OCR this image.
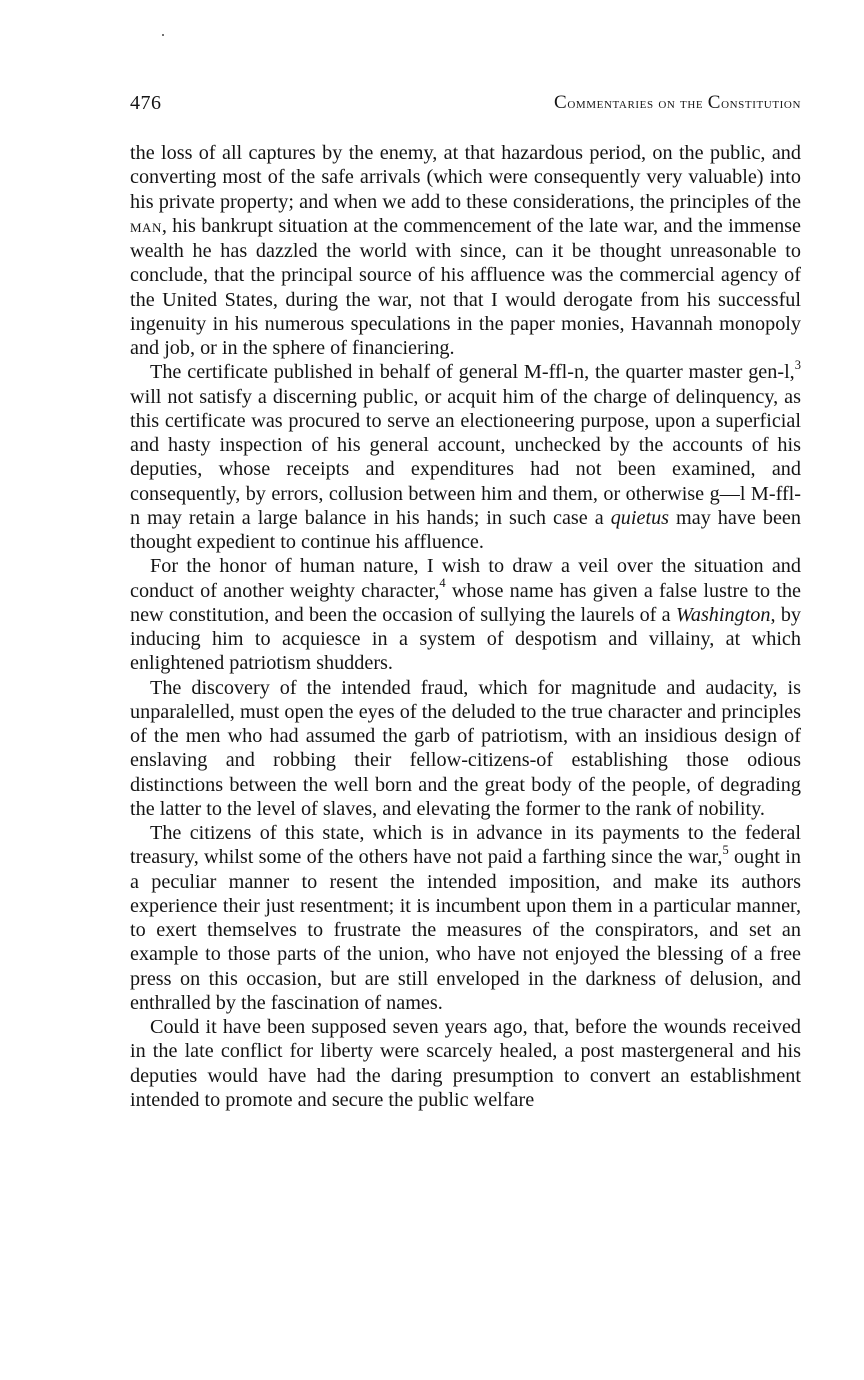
476	Commentaries on the Constitution

the loss of all captures by the enemy, at that hazardous period, on the public, and converting most of the safe arrivals (which were consequently very valuable) into his private property; and when we add to these considerations, the principles of the man, his bankrupt situation at the commencement of the late war, and the immense wealth he has dazzled the world with since, can it be thought unreasonable to conclude, that the principal source of his affluence was the commercial agency of the United States, during the war, not that I would derogate from his successful ingenuity in his numerous speculations in the paper monies, Havannah monopoly and job, or in the sphere of financiering.

The certificate published in behalf of general M-ffl-n, the quarter master gen-l,$^3$ will not satisfy a discerning public, or acquit him of the charge of delinquency, as this certificate was procured to serve an electioneering purpose, upon a superficial and hasty inspection of his general account, unchecked by the accounts of his deputies, whose receipts and expenditures had not been examined, and consequently, by errors, collusion between him and them, or otherwise g—l M-ffl-n may retain a large balance in his hands; in such case a quietus may have been thought expedient to continue his affluence.

For the honor of human nature, I wish to draw a veil over the situation and conduct of another weighty character,$^4$ whose name has given a false lustre to the new constitution, and been the occasion of sullying the laurels of a Washington, by inducing him to acquiesce in a system of despotism and villainy, at which enlightened patriotism shudders.

The discovery of the intended fraud, which for magnitude and audacity, is unparalelled, must open the eyes of the deluded to the true character and principles of the men who had assumed the garb of patriotism, with an insidious design of enslaving and robbing their fellow-citizens-of establishing those odious distinctions between the well born and the great body of the people, of degrading the latter to the level of slaves, and elevating the former to the rank of nobility.

The citizens of this state, which is in advance in its payments to the federal treasury, whilst some of the others have not paid a farthing since the war,$^5$ ought in a peculiar manner to resent the intended imposition, and make its authors experience their just resentment; it is incumbent upon them in a particular manner, to exert themselves to frustrate the measures of the conspirators, and set an example to those parts of the union, who have not enjoyed the blessing of a free press on this occasion, but are still enveloped in the darkness of delusion, and enthralled by the fascination of names.

Could it have been supposed seven years ago, that, before the wounds received in the late conflict for liberty were scarcely healed, a post mastergeneral and his deputies would have had the daring presumption to convert an establishment intended to promote and secure the public welfare
